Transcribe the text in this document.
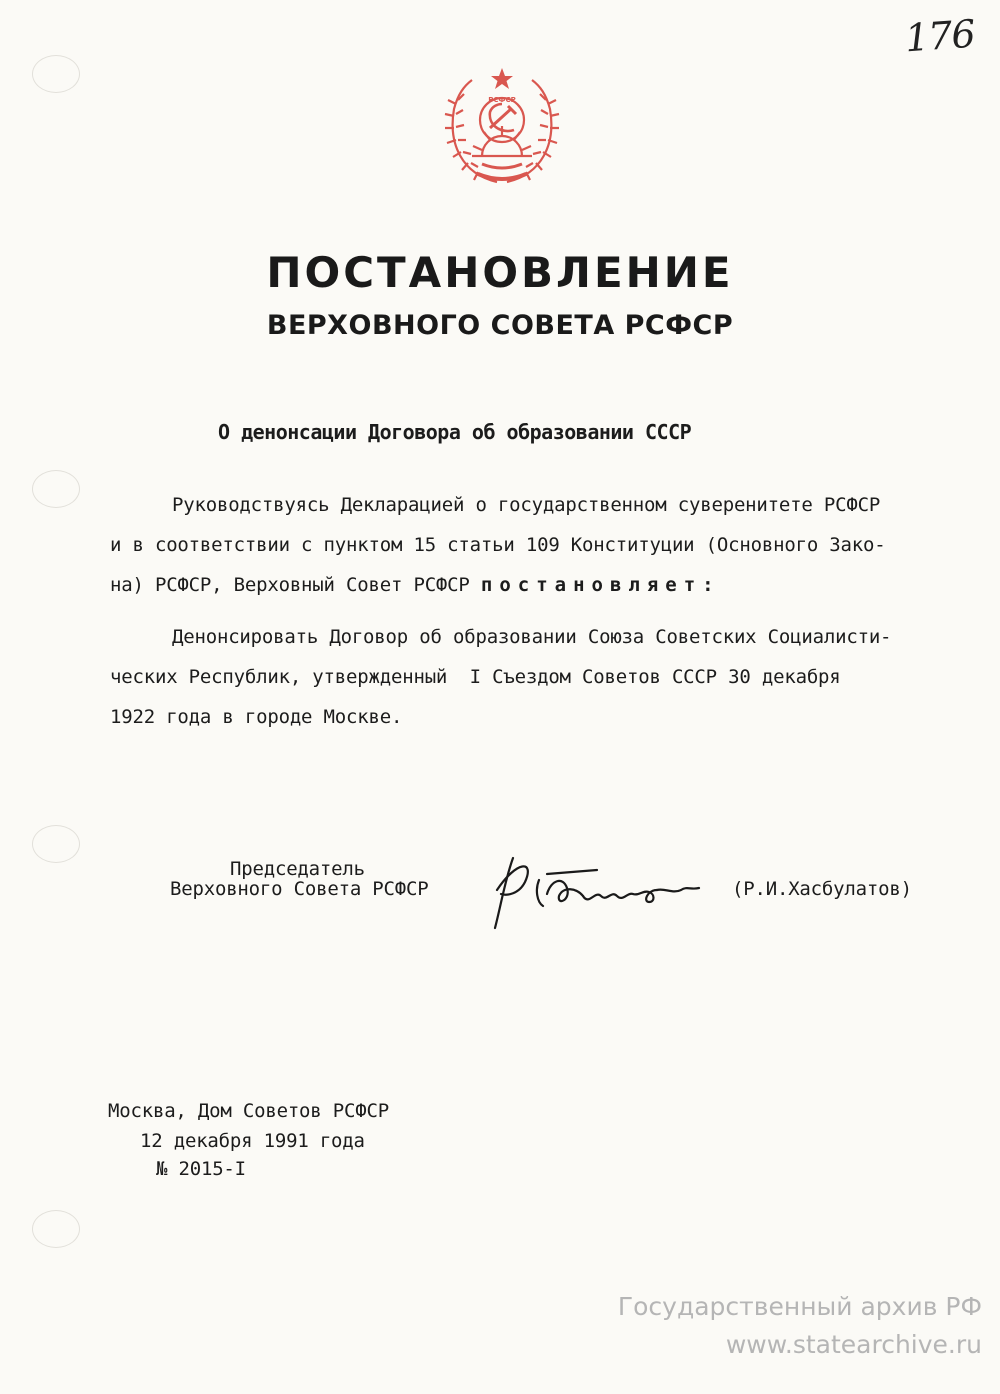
176
РСФСР
ПОСТАНОВЛЕНИЕ
ВЕРХОВНОГО СОВЕТА РСФСР
О денонсации Договора об образовании СССР
Руководствуясь Декларацией о государственном суверенитете РСФСР
и в соответствии с пунктом 15 статьи 109 Конституции (Основного Зако-
на) РСФСР, Верховный Совет РСФСР постановляет:
Денонсировать Договор об образовании Союза Советских Социалисти-
ческих Республик, утвержденный  I Съездом Советов СССР 30 декабря
1922 года в городе Москве.
Председатель
Верховного Совета РСФСР	(Р.И.Хасбулатов)
Москва, Дом Советов РСФСР
12 декабря 1991 года
№ 2015-I
Государственный архив РФ
www.statearchive.ru
